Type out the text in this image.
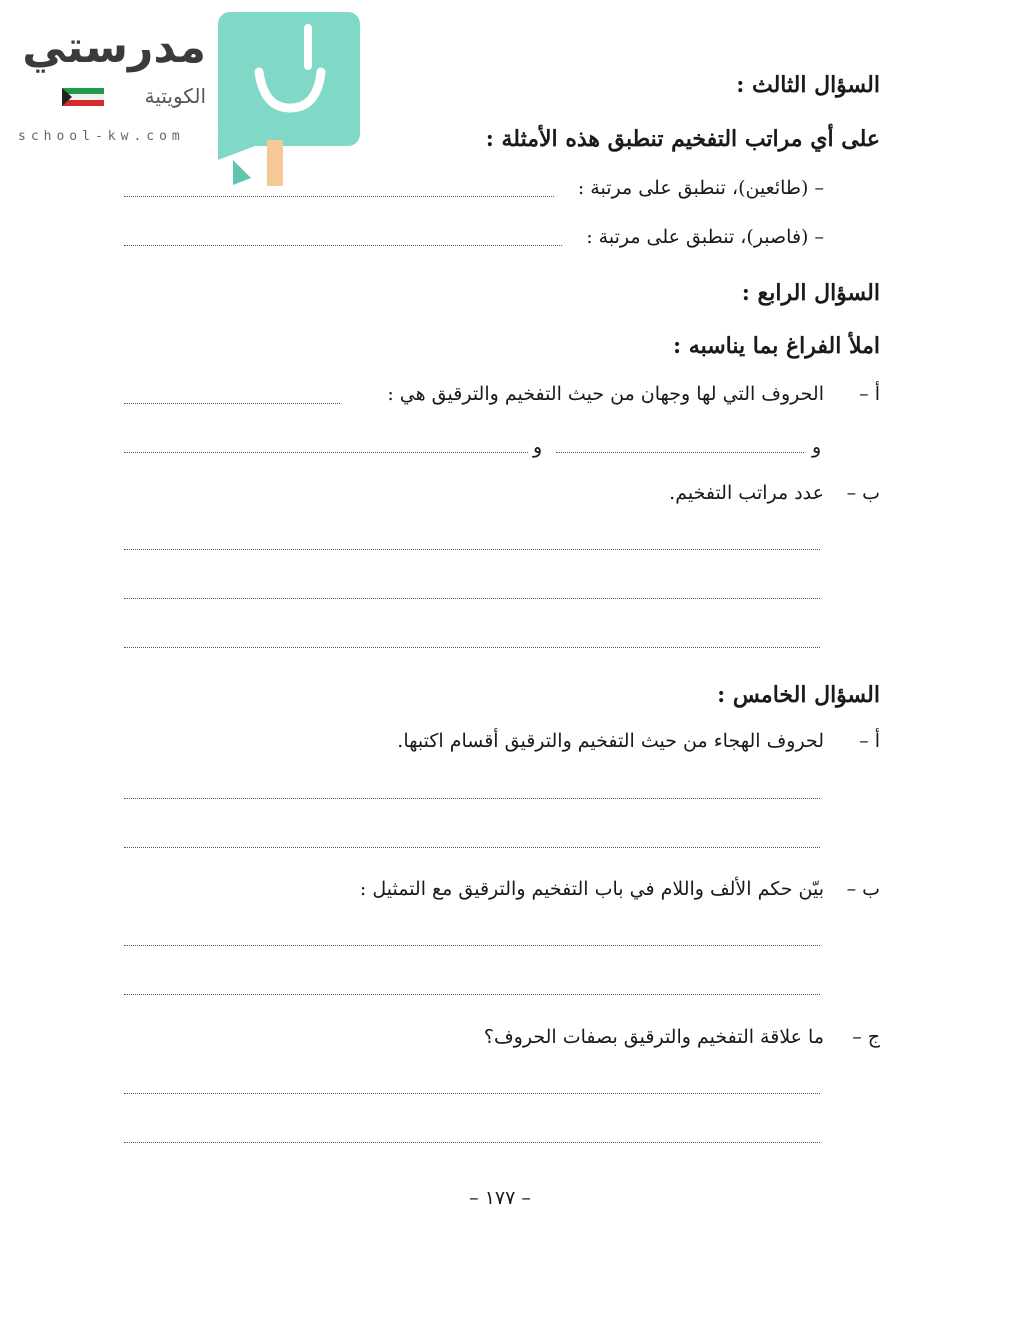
مدرستي
الكويتية
school-kw.com
السؤال الثالث :
على أي مراتب التفخيم تنطبق هذه الأمثلة :
– (طائعين)، تنطبق على مرتبة :
– (فاصبر)، تنطبق على مرتبة :
السؤال الرابع :
املأ الفراغ بما يناسبه :
أ –
الحروف التي لها وجهان من حيث التفخيم والترقيق هي :
و
و
ب –
عدد مراتب التفخيم.
السؤال الخامس :
أ –
لحروف الهجاء من حيث التفخيم والترقيق أقسام اكتبها.
ب –
بيّن حكم الألف واللام في باب التفخيم والترقيق مع التمثيل :
ج –
ما علاقة التفخيم والترقيق بصفات الحروف؟
– ١٧٧ –
